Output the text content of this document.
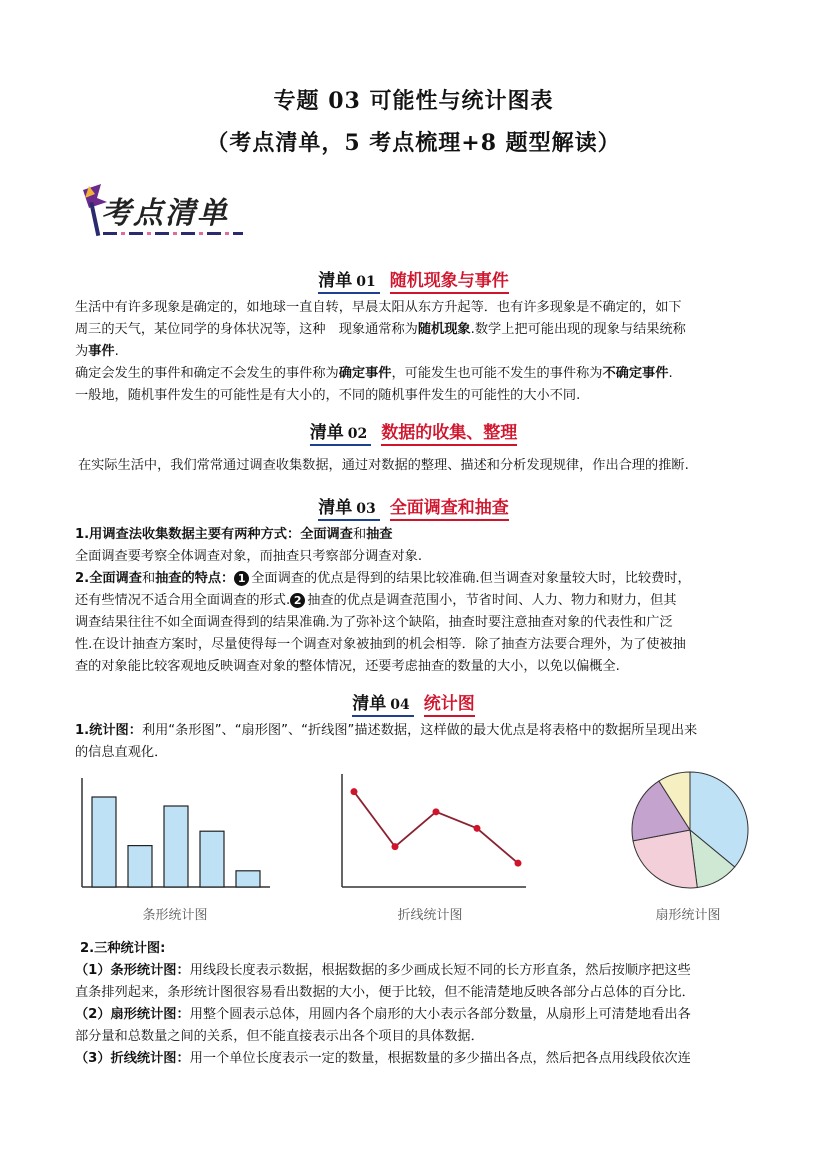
专题 03 可能性与统计图表
（考点清单，5 考点梳理+8 题型解读）
考点清单
清单 01 随机现象与事件
生活中有许多现象是确定的，如地球一直自转，早晨太阳从东方升起等．也有许多现象是不确定的，如下
周三的天气，某位同学的身体状况等，这种　现象通常称为随机现象.数学上把可能出现的现象与结果统称
为事件.
确定会发生的事件和确定不会发生的事件称为确定事件，可能发生也可能不发生的事件称为不确定事件.
一般地，随机事件发生的可能性是有大小的，不同的随机事件发生的可能性的大小不同.
清单 02 数据的收集、整理
在实际生活中，我们常常通过调查收集数据，通过对数据的整理、描述和分析发现规律，作出合理的推断.
清单 03 全面调查和抽查
1.用调查法收集数据主要有两种方式：全面调查和抽查
全面调查要考察全体调查对象，而抽查只考察部分调查对象.
2.全面调查和抽查的特点： 1 全面调查的优点是得到的结果比较准确.但当调查对象量较大时，比较费时，
还有些情况不适合用全面调查的形式. 2 抽查的优点是调查范围小，节省时间、人力、物力和财力，但其
调查结果往往不如全面调查得到的结果准确.为了弥补这个缺陷，抽查时要注意抽查对象的代表性和广泛
性.在设计抽查方案时，尽量使得每一个调查对象被抽到的机会相等．除了抽查方法要合理外，为了使被抽
查的对象能比较客观地反映调查对象的整体情况，还要考虑抽查的数量的大小，以免以偏概全.
清单 04 统计图
1.统计图：利用“条形图”、“扇形图”、“折线图”描述数据，这样做的最大优点是将表格中的数据所呈现出来
的信息直观化．
条形统计图	折线统计图	扇形统计图
2.三种统计图:
（1）条形统计图：用线段长度表示数据，根据数据的多少画成长短不同的长方形直条，然后按顺序把这些
直条排列起来，条形统计图很容易看出数据的大小，便于比较，但不能清楚地反映各部分占总体的百分比．
（2）扇形统计图：用整个圆表示总体，用圆内各个扇形的大小表示各部分数量，从扇形上可清楚地看出各
部分量和总数量之间的关系，但不能直接表示出各个项目的具体数据．
（3）折线统计图：用一个单位长度表示一定的数量，根据数量的多少描出各点，然后把各点用线段依次连
